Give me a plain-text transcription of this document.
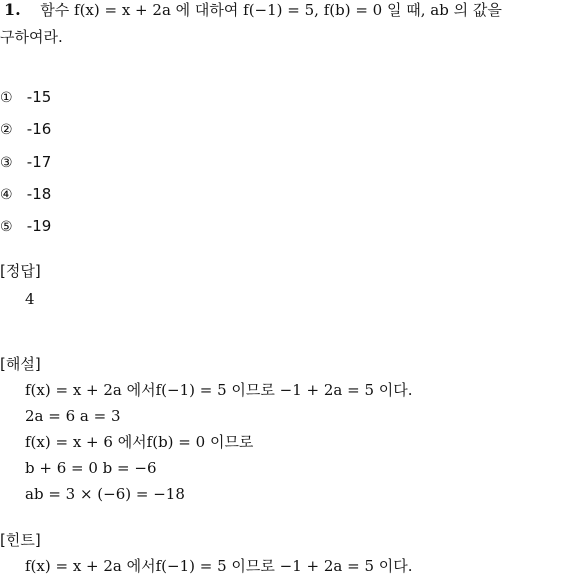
1. 함수 f(x) = x + 2a 에 대하여 f(−1) = 5, f(b) = 0 일 때, ab 의 값을
구하여라.
① -15
② -16
③ -17
④ -18
⑤ -19
[정답]
4
[해설]
f(x) = x + 2a 에서f(−1) = 5 이므로 −1 + 2a = 5 이다.
2a = 6 a = 3
f(x) = x + 6 에서f(b) = 0 이므로
b + 6 = 0 b = −6
ab = 3 × (−6) = −18
[힌트]
f(x) = x + 2a 에서f(−1) = 5 이므로 −1 + 2a = 5 이다.
